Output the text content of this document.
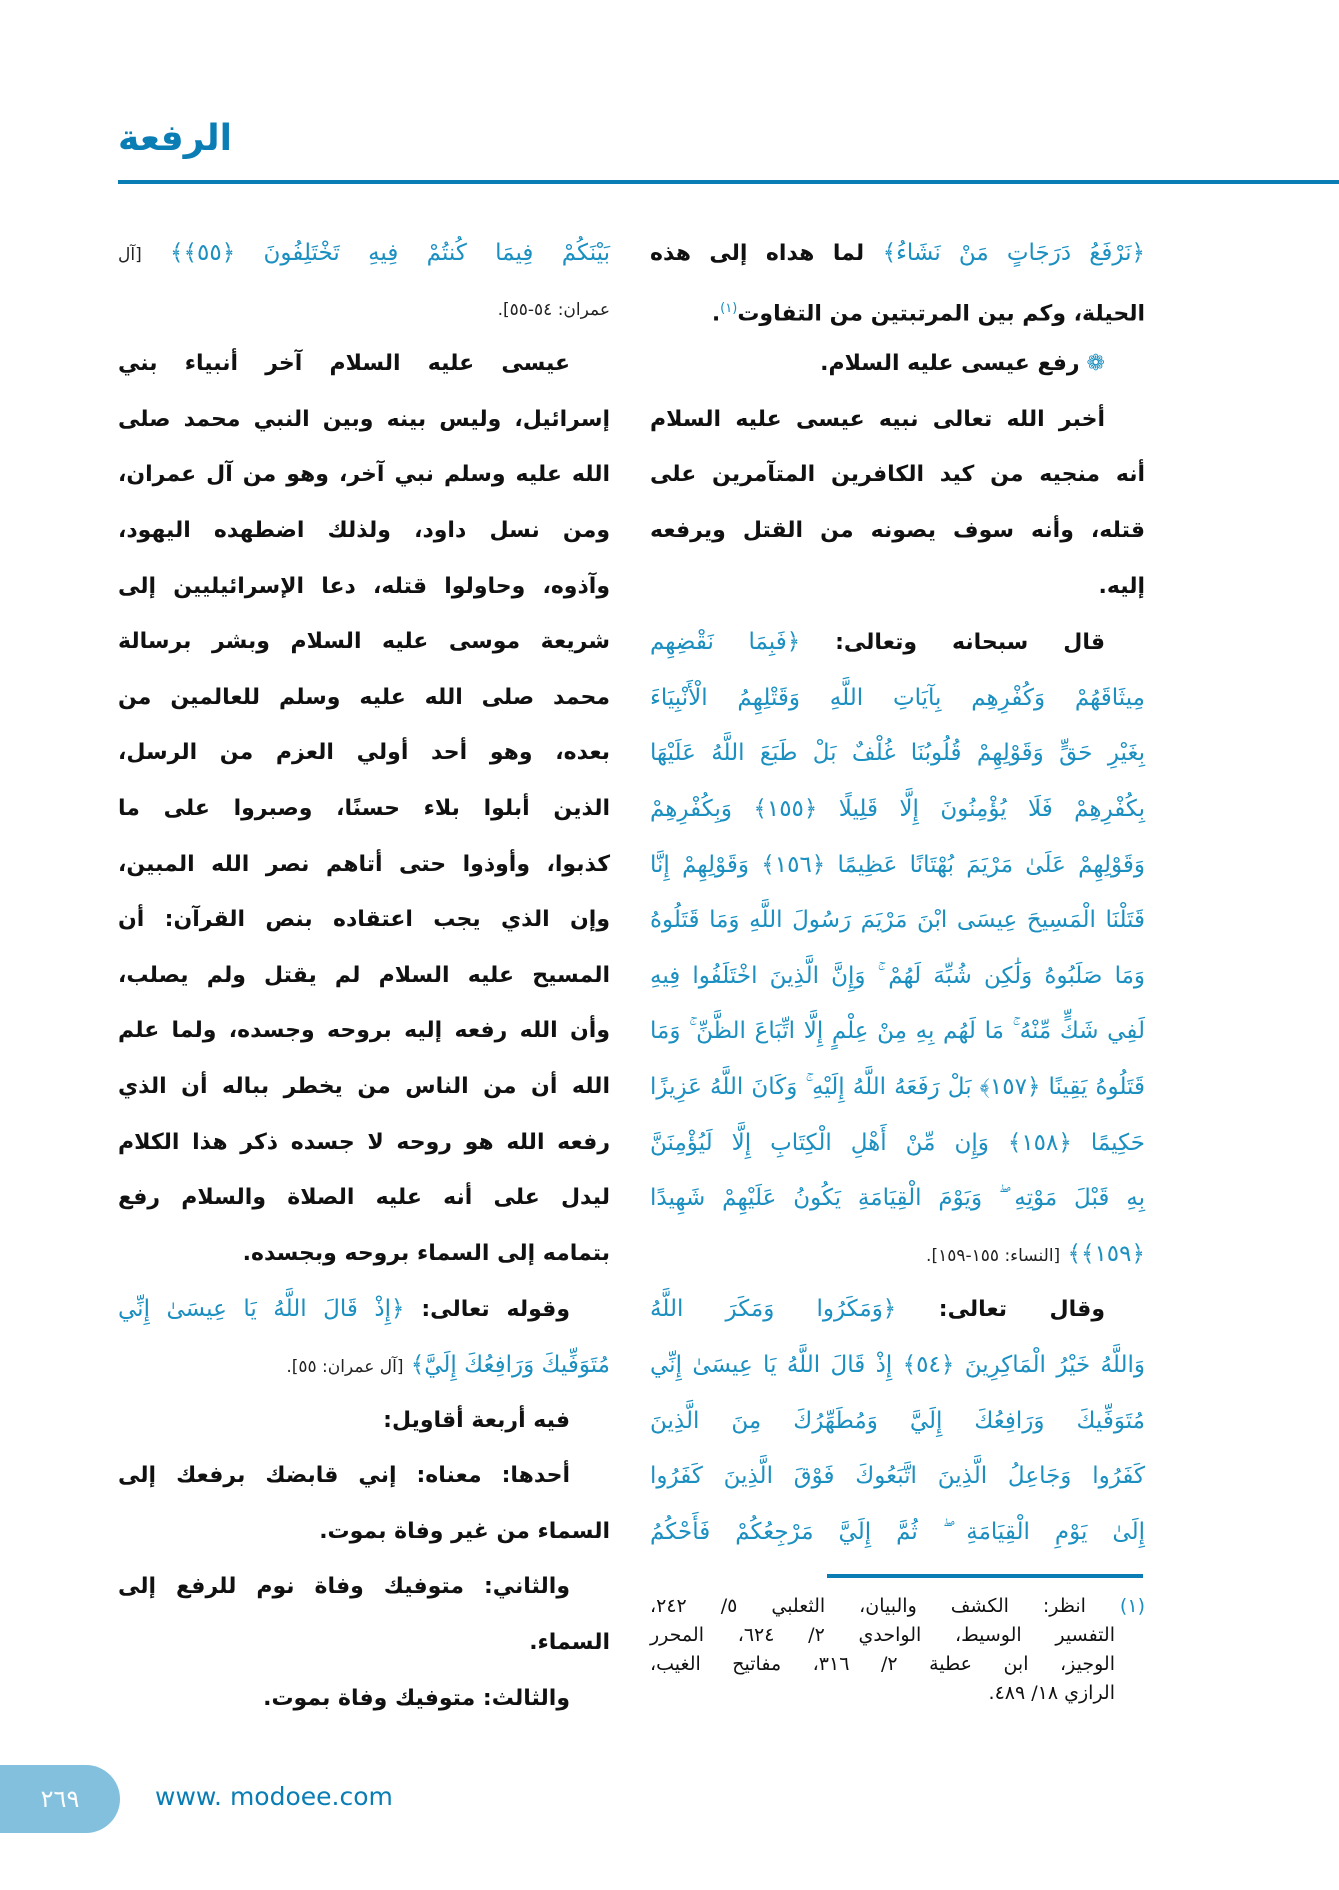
الرفعة
﴿نَرْفَعُ دَرَجَاتٍ مَنْ نَشَاءُ﴾ لما هداه إلى هذه
الحيلة، وكم بين المرتبتين من التفاوت$^{(١)}$.
❁ رفع عيسى عليه السلام.
أخبر الله تعالى نبيه عيسى عليه السلام
أنه منجيه من كيد الكافرين المتآمرين على
قتله، وأنه سوف يصونه من القتل ويرفعه
إليه.
قال سبحانه وتعالى: ﴿فَبِمَا نَقْضِهِم
مِيثَاقَهُمْ وَكُفْرِهِم بِآيَاتِ اللَّهِ وَقَتْلِهِمُ الْأَنْبِيَاءَ
بِغَيْرِ حَقٍّ وَقَوْلِهِمْ قُلُوبُنَا غُلْفٌ بَلْ طَبَعَ اللَّهُ عَلَيْهَا
بِكُفْرِهِمْ فَلَا يُؤْمِنُونَ إِلَّا قَلِيلًا ﴿١٥٥﴾ وَبِكُفْرِهِمْ
وَقَوْلِهِمْ عَلَىٰ مَرْيَمَ بُهْتَانًا عَظِيمًا ﴿١٥٦﴾ وَقَوْلِهِمْ إِنَّا
قَتَلْنَا الْمَسِيحَ عِيسَى ابْنَ مَرْيَمَ رَسُولَ اللَّهِ وَمَا قَتَلُوهُ
وَمَا صَلَبُوهُ وَلَٰكِن شُبِّهَ لَهُمْ ۚ وَإِنَّ الَّذِينَ اخْتَلَفُوا فِيهِ
لَفِي شَكٍّ مِّنْهُ ۚ مَا لَهُم بِهِ مِنْ عِلْمٍ إِلَّا اتِّبَاعَ الظَّنِّ ۚ وَمَا
قَتَلُوهُ يَقِينًا ﴿١٥٧﴾ بَلْ رَفَعَهُ اللَّهُ إِلَيْهِ ۚ وَكَانَ اللَّهُ عَزِيزًا
حَكِيمًا ﴿١٥٨﴾ وَإِن مِّنْ أَهْلِ الْكِتَابِ إِلَّا لَيُؤْمِنَنَّ
بِهِ قَبْلَ مَوْتِهِ ۖ وَيَوْمَ الْقِيَامَةِ يَكُونُ عَلَيْهِمْ شَهِيدًا
﴿١٥٩﴾﴾ [النساء: ١٥٥-١٥٩].
وقال تعالى: ﴿وَمَكَرُوا وَمَكَرَ اللَّهُ
وَاللَّهُ خَيْرُ الْمَاكِرِينَ ﴿٥٤﴾ إِذْ قَالَ اللَّهُ يَا عِيسَىٰ إِنِّي
مُتَوَفِّيكَ وَرَافِعُكَ إِلَيَّ وَمُطَهِّرُكَ مِنَ الَّذِينَ
كَفَرُوا وَجَاعِلُ الَّذِينَ اتَّبَعُوكَ فَوْقَ الَّذِينَ كَفَرُوا
إِلَىٰ يَوْمِ الْقِيَامَةِ ۖ ثُمَّ إِلَيَّ مَرْجِعُكُمْ فَأَحْكُمُ
بَيْنَكُمْ فِيمَا كُنتُمْ فِيهِ تَخْتَلِفُونَ ﴿٥٥﴾﴾ [آل
عمران: ٥٤-٥٥].
عيسى عليه السلام آخر أنبياء بني
إسرائيل، وليس بينه وبين النبي محمد صلى
الله عليه وسلم نبي آخر، وهو من آل عمران،
ومن نسل داود، ولذلك اضطهده اليهود،
وآذوه، وحاولوا قتله، دعا الإسرائيليين إلى
شريعة موسى عليه السلام وبشر برسالة
محمد صلى الله عليه وسلم للعالمين من
بعده، وهو أحد أولي العزم من الرسل،
الذين أبلوا بلاء حسنًا، وصبروا على ما
كذبوا، وأوذوا حتى أتاهم نصر الله المبين،
وإن الذي يجب اعتقاده بنص القرآن: أن
المسيح عليه السلام لم يقتل ولم يصلب،
وأن الله رفعه إليه بروحه وجسده، ولما علم
الله أن من الناس من يخطر بباله أن الذي
رفعه الله هو روحه لا جسده ذكر هذا الكلام
ليدل على أنه عليه الصلاة والسلام رفع
بتمامه إلى السماء بروحه وبجسده.
وقوله تعالى: ﴿إِذْ قَالَ اللَّهُ يَا عِيسَىٰ إِنِّي
مُتَوَفِّيكَ وَرَافِعُكَ إِلَيَّ﴾ [آل عمران: ٥٥].
فيه أربعة أقاويل:
أحدها: معناه: إني قابضك برفعك إلى
السماء من غير وفاة بموت.
والثاني: متوفيك وفاة نوم للرفع إلى
السماء.
والثالث: متوفيك وفاة بموت.
(١) انظر: الكشف والبيان، الثعلبي ٥/ ٢٤٢،
التفسير الوسيط، الواحدي ٢/ ٦٢٤، المحرر
الوجيز، ابن عطية ٢/ ٣١٦، مفاتيح الغيب،
الرازي ١٨/ ٤٨٩.
٢٦٩	www. modoee.com
